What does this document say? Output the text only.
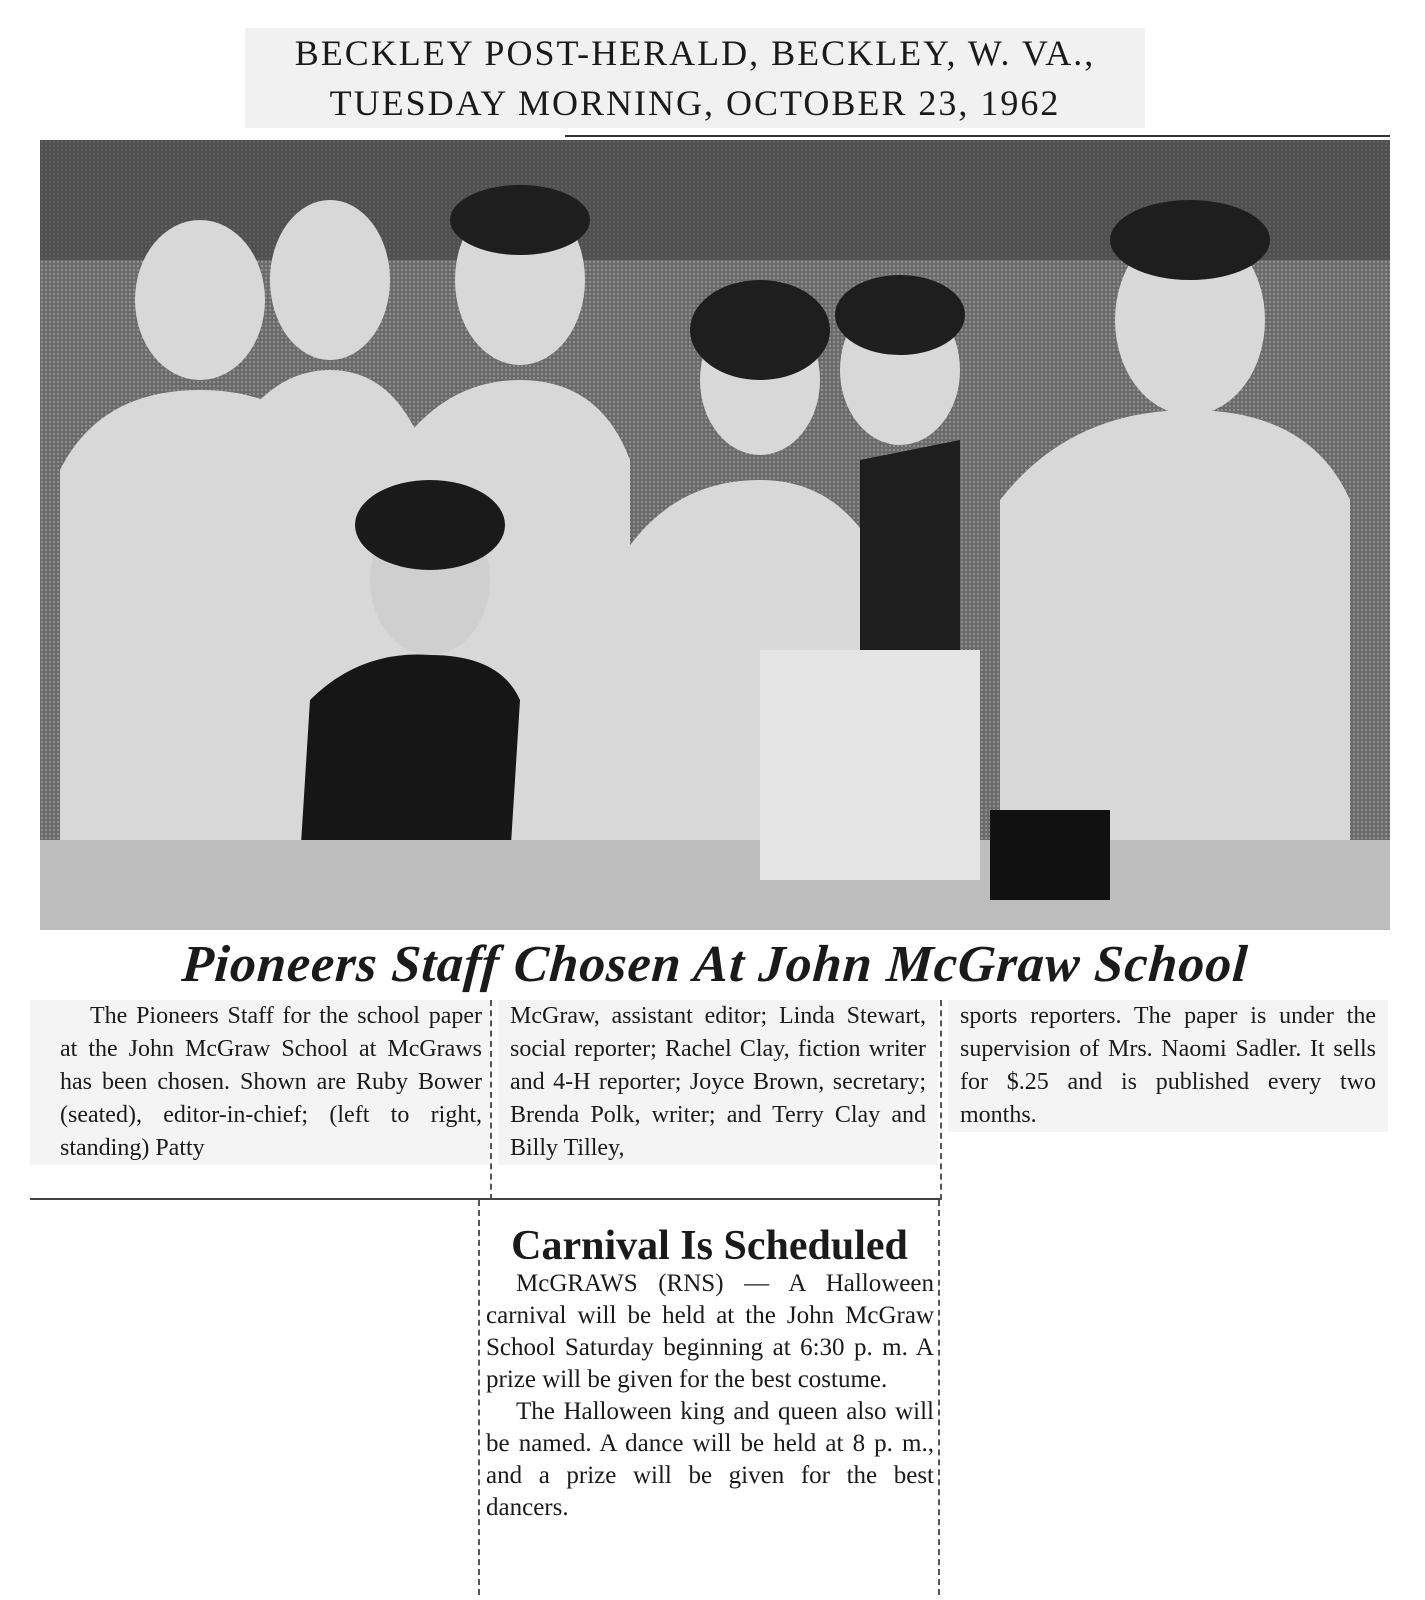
BECKLEY POST-HERALD, BECKLEY, W. VA.,

TUESDAY MORNING, OCTOBER 23, 1962
Pioneers Staff Chosen At John McGraw School
The Pioneers Staff for the school paper at the John McGraw School at McGraws has been chosen. Shown are Ruby Bower (seated), editor-in-chief; (left to right, standing) Patty
McGraw, assistant editor; Linda Stewart, social reporter; Rachel Clay, fiction writer and 4-H reporter; Joyce Brown, secretary; Brenda Polk, writer; and Terry Clay and Billy Tilley,
sports reporters. The paper is under the supervision of Mrs. Naomi Sadler. It sells for $.25 and is published every two months.
Carnival Is Scheduled

McGRAWS (RNS) — A Halloween carnival will be held at the John McGraw School Saturday beginning at 6:30 p. m. A prize will be given for the best costume.

The Halloween king and queen also will be named. A dance will be held at 8 p. m., and a prize will be given for the best dancers.
